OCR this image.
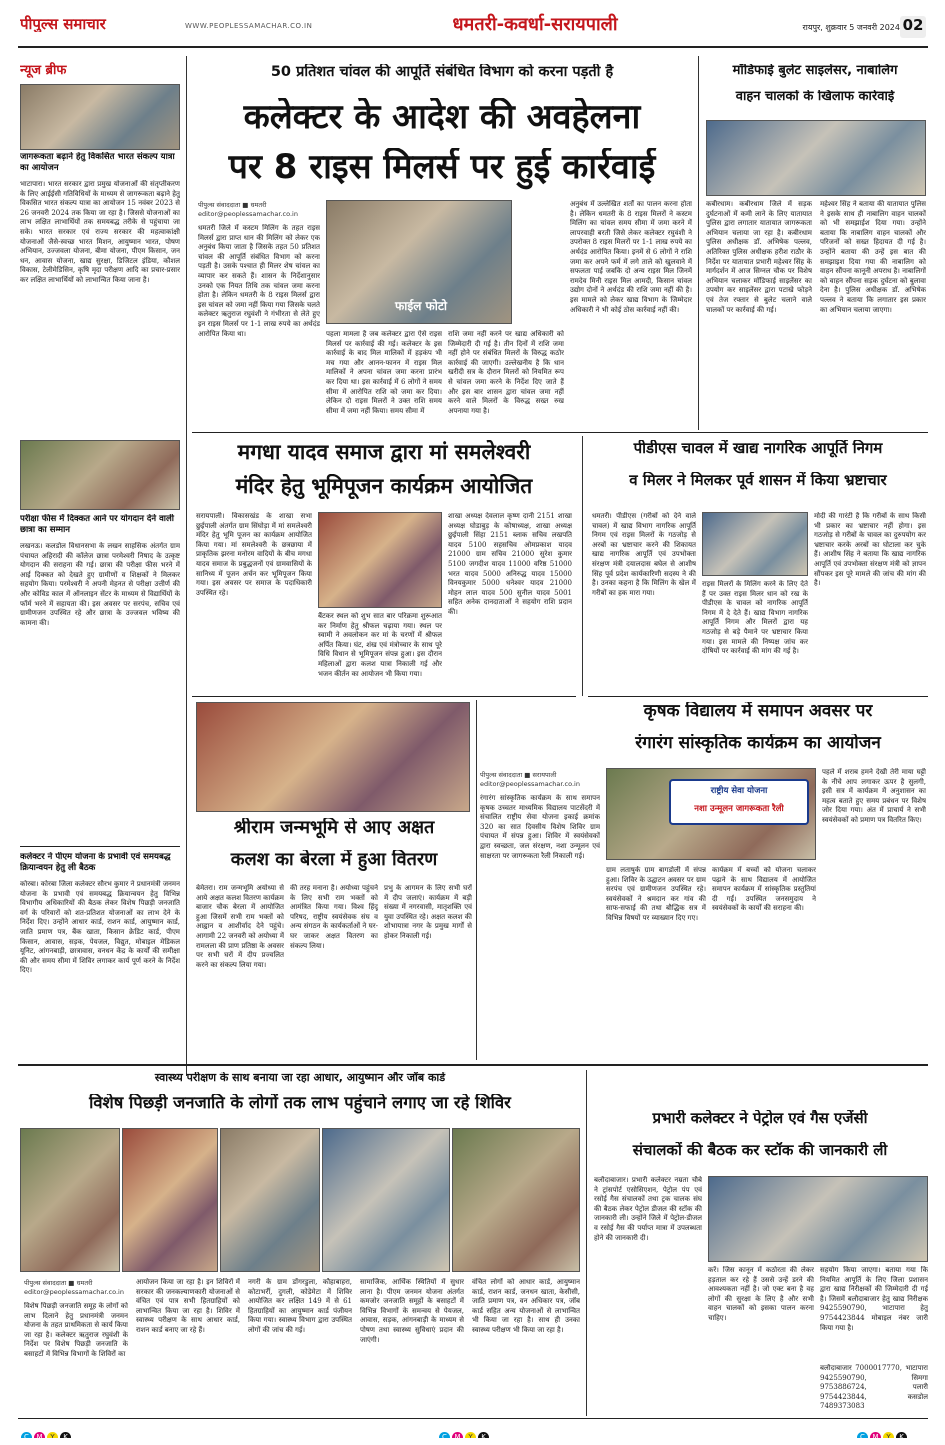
पीपुल्स समाचार	WWW.PEOPLESSAMACHAR.CO.IN	धमतरी-कवर्धा-सरायपाली	रायपुर, शुक्रवार 5 जनवरी 2024 02
न्यूज ब्रीफ
जागरूकता बढ़ाने हेतु विकसित भारत संकल्प यात्रा का आयोजन
भाटापारा। भारत सरकार द्वारा प्रमुख योजनाओं की संतृप्तीकरण के लिए आईईसी गतिविधियों के माध्यम से जागरूकता बढ़ाने हेतु विकसित भारत संकल्प यात्रा का आयोजन 15 नवंबर 2023 से 26 जनवरी 2024 तक किया जा रहा है। जिससे योजनाओं का लाभ लक्षित लाभार्थियों तक समयबद्ध तरीके से पहुंचाया जा सके। भारत सरकार एवं राज्य सरकार की महत्वाकांक्षी योजनाओं जैसे-स्वच्छ भारत मिशन, आयुष्मान भारत, पोषण अभियान, उज्जवला योजना, बीमा योजना, पीएम किसान, जन धन, आवास योजना, खाद्य सुरक्षा, डिजिटल इंडिया, कौशल विकास, टेलीमेडिसिन, कृषि मृदा परीक्षण आदि का प्रचार-प्रसार कर लक्षित लाभार्थियों को लाभान्वित किया जाना है।
परीक्षा फीस में दिक्कत आने पर योगदान देने वाली छात्रा का सम्मान
लखनऊ। कलडोल विधानसभा के लखन साहसिक अंतर्गत ग्राम पंचायत अहिरादी की कॉलेज छात्रा परमेश्वरी निषाद के उत्कृष्ट योगदान की सराहना की गई। छात्रा की परीक्षा फीस भरने में आई दिक्कत को देखते हुए ग्रामीणों व शिक्षकों ने मिलकर सहयोग किया। परमेश्वरी ने अपनी मेहनत से परीक्षा उत्तीर्ण की और कोविड काल में ऑनलाइन सेंटर के माध्यम से विद्यार्थियों के फॉर्म भरने में सहायता की। इस अवसर पर सरपंच, सचिव एवं ग्रामीणजन उपस्थित रहे और छात्रा के उज्जवल भविष्य की कामना की।
कलेक्टर ने पीएम योजना के प्रभावी एवं समयबद्ध क्रियान्वयन हेतु ली बैठक
कोरबा। कोरबा जिला कलेक्टर सौरभ कुमार ने प्रधानमंत्री जनमन योजना के प्रभावी एवं समयबद्ध क्रियान्वयन हेतु विभिन्न विभागीय अधिकारियों की बैठक लेकर विशेष पिछड़ी जनजाति वर्ग के परिवारों को शत-प्रतिशत योजनाओं का लाभ देने के निर्देश दिए। उन्होंने आधार कार्ड, राशन कार्ड, आयुष्मान कार्ड, जाति प्रमाण पत्र, बैंक खाता, किसान क्रेडिट कार्ड, पीएम किसान, आवास, सड़क, पेयजल, विद्युत, मोबाइल मेडिकल यूनिट, आंगनबाड़ी, छात्रावास, वनधन केंद्र के कार्यों की समीक्षा की और समय सीमा में शिविर लगाकर कार्य पूर्ण करने के निर्देश दिए।
50 प्रतिशत चांवल की आपूर्ति संबंधित विभाग को करना पड़ती है
कलेक्टर के आदेश की अवहेलना
पर 8 राइस मिलर्स पर हुई कार्रवाई
पीपुल्स संवाददाता ■ धमतरी
editor@peoplessamachar.co.in
धमतरी जिले में कस्टम मिलिंग के तहत राइस मिलर्स द्वारा प्राप्त धान की मिलिंग को लेकर एक अनुबंध किया जाता है जिसके तहत 50 प्रतिशत चांवल की आपूर्ति संबंधित विभाग को करना पड़ती है। उसके पश्चात ही मिलर शेष चांवल का व्यापार कर सकते हैं। शासन के निर्देशानुसार उनको एक नियत तिथि तक चांवल जमा करना होता है। लेकिन धमतरी के 8 राइस मिलर्स द्वारा इस चांवल को जमा नहीं किया गया जिसके चलते कलेक्टर ऋतुराज रघुवंशी ने गंभीरता से लेते हुए इन राइस मिलर्स पर 1-1 लाख रुपये का अर्थदंड आरोपित किया था।
फाईल फोटो
पहला मामला है जब कलेक्टर द्वारा ऐसे राइस मिलर्स पर कार्रवाई की गई। कलेक्टर के इस कार्रवाई के बाद मिल मालिकों में हड़कंप भी मच गया और आनन-फानन में राइस मिल मालिकों ने अपना चांवल जमा करना प्रारंभ कर दिया था। इस कार्रवाई में 6 लोगों ने समय सीमा में आरोपित राशि को जमा कर दिया। लेकिन दो राइस मिलरों ने उक्त राशि समय सीमा में जमा नहीं किया। समय सीमा में
राशि जमा नहीं करने पर खाद्य अधिकारी को जिम्मेदारी दी गई है। तीन दिनों में राशि जमा नहीं होने पर संबंधित मिलरों के विरुद्ध कठोर कार्रवाई की जाएगी। उल्लेखनीय है कि धान खरीदी सत्र के दौरान मिलरों को नियमित रूप से चांवल जमा करने के निर्देश दिए जाते हैं और इस बार शासन द्वारा चांवल जमा नहीं करने वाले मिलरों के विरुद्ध सख्त रुख अपनाया गया है।
अनुबंध में उल्लेखित शर्तों का पालन करना होता है। लेकिन धमतरी के 8 राइस मिलरों ने कस्टम मिलिंग का चांवल समय सीमा में जमा करने में लापरवाही बरती जिसे लेकर कलेक्टर रघुवंशी ने उपरोक्त 8 राइस मिलरों पर 1-1 लाख रुपये का अर्थदंड आरोपित किया। इनमें से 6 लोगों ने राशि जमा कर अपने फर्म में लगे ताले को खुलवाने में सफलता पाई जबकि दो अन्य राइस मिल जिनमें रामदेव मिनी राइस मिल आमदी, किसान चांवल उद्योग दोनों ने अर्थदंड की राशि जमा नहीं की है। इस मामले को लेकर खाद्य विभाग के जिम्मेदार अधिकारी ने भी कोई ठोस कार्रवाई नहीं की।
मॉडिफाई बुलेट साइलेंसर, नाबालिग
वाहन चालकों के खिलाफ कार्रवाई
कबीरधाम। कबीरधाम जिले में सड़क दुर्घटनाओं में कमी लाने के लिए यातायात पुलिस द्वारा लगातार यातायात जागरूकता अभियान चलाया जा रहा है। कबीरधाम पुलिस अधीक्षक डॉ. अभिषेक पल्लव, अतिरिक्त पुलिस अधीक्षक हरीश राठौर के निर्देश पर यातायात प्रभारी महेश्वर सिंह के मार्गदर्शन में आज सिग्नल चौक पर विशेष अभियान चलाकर मॉडिफाई साइलेंसर का उपयोग कर साइलेंसर द्वारा पटाखे फोड़ने एवं तेज रफ्तार से बुलेट चलाने वाले चालकों पर कार्रवाई की गई।
महेश्वर सिंह ने बताया की यातायात पुलिस ने इसके साथ ही नाबालिग वाहन चालकों को भी समझाईश दिया गया। उन्होंने बताया कि नाबालिग वाहन चालकों और परिजनों को सख्त हिदायत दी गई है। उन्होंने बताया की उन्हें इस बात की समझाइश दिया गया की नाबालिग को वाहन सौंपना कानूनी अपराध है। नाबालिगों को वाहन सौंपना सड़क दुर्घटना को बुलावा देना है। पुलिस अधीक्षक डॉ. अभिषेक पल्लव ने बताया कि लगातार इस प्रकार का अभियान चलाया जाएगा।
मगधा यादव समाज द्वारा मां समलेश्वरी
मंदिर हेतु भूमिपूजन कार्यक्रम आयोजित
सरायपाली। विकासखंड के शाखा सभा छुईपाली अंतर्गत ग्राम सिंघोड़ा में मां समलेश्वरी मंदिर हेतु भूमि पूजन का कार्यक्रम आयोजित किया गया। मां समलेश्वरी के छत्रछाया में प्राकृतिक झरना मनोरम वादियों के बीच मगधा यादव समाज के प्रबुद्धजनों एवं ग्रामवासियों के सानिध्य में पूजन अर्चन कर भूमिपूजन किया गया। इस अवसर पर समाज के पदाधिकारी उपस्थित रहे।
बैंटकर स्थल को शुभ सात बार परिक्रमा शुरूआत कर निर्माण हेतु श्रीफल चढ़ाया गया। स्थल पर स्वामी ने अवलोकन कर मां के चरणों में श्रीफल अर्पित किया। घंट, शंख एवं मंत्रोच्चार के साथ पूरे विधि विधान से भूमिपूजन संपन्न हुआ। इस दौरान महिलाओं द्वारा कलश यात्रा निकाली गई और भजन कीर्तन का आयोजन भी किया गया।
शाखा अध्यक्ष देवलाल कृष्ण दानी 2151 शाखा अध्यक्ष घोडाबुड़ के कोषाध्यक्ष, शाखा अध्यक्ष छुईपाली सिंहा 2151 ब्लाक सचिव लखपति यादव 5100 सहसचिव ओमप्रकाश यादव 21000 ग्राम सचिव 21000 सुरेश कुमार 5100 जगदीश यादव 11000 वरिष्ठ 51000 भरत यादव 5000 अनिरुद्ध यादव 15000 विनयकुमार 5000 धनेश्वर यादव 21000 मोहन लाल यादव 500 सुनील यादव 5001 सहित अनेक दानदाताओं ने सहयोग राशि प्रदान की।
पीडीएस चावल में खाद्य नागरिक आपूर्ति निगम
व मिलर ने मिलकर पूर्व शासन में किया भ्रष्टाचार
धमतरी। पीडीएस (गरीबों को देने वाले चावल) में खाद्य विभाग नागरिक आपूर्ति निगम एवं राइस मिलरों के गठजोड़ से अरबों का भ्रष्टाचार करने की शिकायत खाद्य नागरिक आपूर्ति एवं उपभोक्ता संरक्षण मंत्री दयालदास बघेल से आशीष सिंह पूर्व प्रदेश कार्यकारिणी सदस्य ने की है। उनका कहना है कि मिलिंग के खेल में गरीबों का हक मारा गया।
राइस मिलरों के मिलिंग करने के लिए देते हैं पर उक्त राइस मिलर धान को रख के पीडीएस के चावल को नागरिक आपूर्ति निगम में दे देते हैं। खाद्य विभाग नागरिक आपूर्ति निगम और मिलरों द्वारा यह गठजोड़ से बड़े पैमाने पर भ्रष्टाचार किया गया। इस मामले की निष्पक्ष जांच कर दोषियों पर कार्रवाई की मांग की गई है।
मोदी की गारंटी है कि गरीबों के साथ किसी भी प्रकार का भ्रष्टाचार नहीं होगा। इस गठजोड़ से गरीबों के चावल का दुरुपयोग कर भ्रष्टाचार करके अरबों का घोटाला कर चुके हैं। आशीष सिंह ने बताया कि खाद्य नागरिक आपूर्ति एवं उपभोक्ता संरक्षण मंत्री को ज्ञापन सौंपकर इस पूरे मामले की जांच की मांग की है।
कृषक विद्यालय में समापन अवसर पर
रंगारंग सांस्कृतिक कार्यक्रम का आयोजन
पीपुल्स संवाददाता ■ सरायपाली
editor@peoplessamachar.co.in
रंगारंग सांस्कृतिक कार्यक्रम के साथ समापन कृषक उच्चतर माध्यमिक विद्यालय पाटसेंदरी में संचालित राष्ट्रीय सेवा योजना इकाई क्रमांक 320 का सात दिवसीय विशेष शिविर ग्राम पंचायत में संपन्न हुआ। शिविर में स्वयंसेवकों द्वारा स्वच्छता, जल संरक्षण, नशा उन्मूलन एवं साक्षरता पर जागरूकता रैली निकाली गई।
राष्ट्रीय सेवा योजना
नशा उन्मूलन जागरूकता रैली
ग्राम लताषुर्क ग्राम बागडोली में संपन्न हुआ। शिविर के उद्घाटन अवसर पर ग्राम सरपंच एवं ग्रामीणजन उपस्थित रहे। स्वयंसेवकों ने श्रमदान कर गांव की साफ-सफाई की तथा बौद्धिक सत्र में विभिन्न विषयों पर व्याख्यान दिए गए।
कार्यक्रम में बच्चों को योजना चलाकर पढ़ाने के साथ विद्यालय में आयोजित समापन कार्यक्रम में सांस्कृतिक प्रस्तुतियां दी गईं। उपस्थित जनसमुदाय ने स्वयंसेवकों के कार्यों की सराहना की।
पहले में शराब हमने देखी तेरी माया घट्टी के नीचे आप लगाकर ऊपर है सुलगी, इसी सत्र में कार्यक्रम में अनुशासन का महत्व बताते हुए समय प्रबंधन पर विशेष जोर दिया गया। अंत में प्राचार्य ने सभी स्वयंसेवकों को प्रमाण पत्र वितरित किए।
श्रीराम जन्मभूमि से आए अक्षत
कलश का बेरला में हुआ वितरण
बेमेतरा। राम जन्मभूमि अयोध्या से आये अक्षत कलश वितरण कार्यक्रम बाजार चौक बेरला में आयोजित हुआ जिसमें सभी राम भक्तों को आह्वान व आशीर्वाद देने पहुंचे। आगामी 22 जनवरी को अयोध्या में रामलला की प्राण प्रतिष्ठा के अवसर पर सभी घरों में दीप प्रज्वलित करने का संकल्प लिया गया।
की तरह मनाना है। अयोध्या पहुंचने के लिए सभी राम भक्तों को आमंत्रित किया गया। विश्व हिंदू परिषद, राष्ट्रीय स्वयंसेवक संघ व अन्य संगठन के कार्यकर्ताओं ने घर-घर जाकर अक्षत वितरण का संकल्प लिया।
प्रभु के आगमन के लिए सभी घरों में दीप जलाएं। कार्यक्रम में बड़ी संख्या में नगरवासी, मातृशक्ति एवं युवा उपस्थित रहे। अक्षत कलश की शोभायात्रा नगर के प्रमुख मार्गों से होकर निकाली गई।
स्वास्थ्य परीक्षण के साथ बनाया जा रहा आधार, आयुष्मान और जॉब कार्ड
विशेष पिछड़ी जनजाति के लोगों तक लाभ पहुंचाने लगाए जा रहे शिविर
पीपुल्स संवाददाता ■ धमतरी
editor@peoplessamachar.co.in
विशेष पिछड़ी जनजाति समूह के लोगों को लाभ दिलाने हेतु प्रधानमंत्री जनमन योजना के तहत प्राथमिकता से कार्य किया जा रहा है। कलेक्टर ऋतुराज रघुवंशी के निर्देश पर विशेष पिछड़ी जनजाति के बसाहटों में विभिन्न विभागों के शिविरों का
आयोजन किया जा रहा है। इन शिविरों में सरकार की जनकल्याणकारी योजनाओं से वंचित एवं पात्र सभी हितग्राहियों को लाभान्वित किया जा रहा है। शिविर में स्वास्थ्य परीक्षण के साथ आधार कार्ड, राशन कार्ड बनाए जा रहे हैं।
नगरी के ग्राम डोंगरडुला, कौहाबाहरा, कोटाभर्री, दुगली, कोडेमेटा में शिविर आयोजित कर लक्षित 149 में से 61 हितग्राहियों का आयुष्मान कार्ड पंजीयन किया गया। स्वास्थ्य विभाग द्वारा उपस्थित लोगों की जांच की गई।
सामाजिक, आर्थिक स्थितियों में सुधार लाना है। पीएम जनमन योजना अंतर्गत कमजोर जनजाति समूहों के बसाहटों में विभिन्न विभागों के समन्वय से पेयजल, आवास, सड़क, आंगनबाड़ी के माध्यम से पोषण तथा स्वास्थ्य सुविधाएं प्रदान की जाएंगी।
वंचित लोगों को आधार कार्ड, आयुष्मान कार्ड, राशन कार्ड, जनधन खाता, केसीसी, जाति प्रमाण पत्र, वन अधिकार पत्र, जॉब कार्ड सहित अन्य योजनाओं से लाभान्वित भी किया जा रहा है। साथ ही उनका स्वास्थ्य परीक्षण भी किया जा रहा है।
प्रभारी कलेक्टर ने पेट्रोल एवं गैस एजेंसी
संचालकों की बैठक कर स्टॉक की जानकारी ली
बलौदाबाजार। प्रभारी कलेक्टर नम्रता चौबे ने ट्रांसपोर्ट एसोसिएशन, पेट्रोल पंप एवं रसोई गैस संचालकों तथा ट्रक चालक संघ की बैठक लेकर पेट्रोल डीजल की स्टॉक की जानकारी ली। उन्होंने जिले में पेट्रोल-डीजल व रसोई गैस की पर्याप्त मात्रा में उपलब्धता होने की जानकारी दी।
करें। जिस कानून में कठोरता की लेकर हड़ताल कर रहे हैं उससे उन्हें डरने की आवश्यकता नहीं है। जो एक्ट बना है वह लोगों की सुरक्षा के लिए है और सभी वाहन चालकों को इसका पालन करना चाहिए।
सहयोग किया जाएगा। बताया गया कि नियमित आपूर्ति के लिए जिला प्रशासन द्वारा खाद्य निरीक्षकों की जिम्मेदारी दी गई है। जिसमें बलौदाबाजार हेतु खाद्य निरीक्षक 9425590790, भाटापारा हेतु 9754423844 मोबाइल नंबर जारी किया गया है।
बलौदाबाजार 7000017770, भाटापारा 9425590790, सिमगा 9753886724, पलारी 9754423844, कसडोल 7489373083
C M Y K	C M Y K	C M Y K
